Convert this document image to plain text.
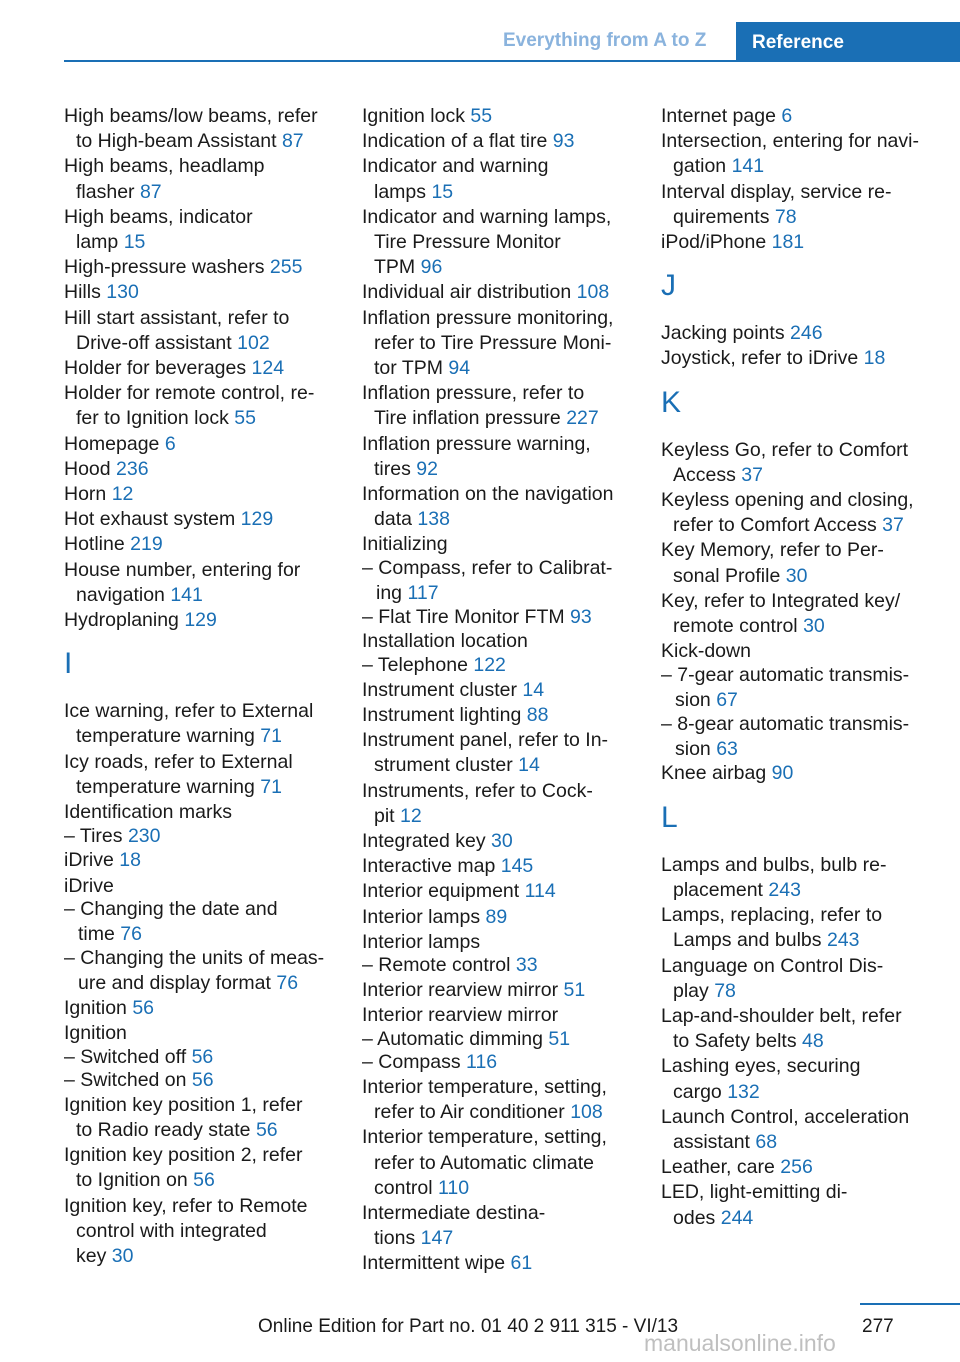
Everything from A to Z	Reference
High beams/low beams, refer
to High-beam Assistant 87
High beams, headlamp
flasher 87
High beams, indicator
lamp 15
High-pressure washers 255
Hills 130
Hill start assistant, refer to
Drive-off assistant 102
Holder for beverages 124
Holder for remote control, re-
fer to Ignition lock 55
Homepage 6
Hood 236
Horn 12
Hot exhaust system 129
Hotline 219
House number, entering for
navigation 141
Hydroplaning 129
I
Ice warning, refer to External
temperature warning 71
Icy roads, refer to External
temperature warning 71
Identification marks
– Tires 230
iDrive 18
iDrive
– Changing the date and
time 76
– Changing the units of meas-
ure and display format 76
Ignition 56
Ignition
– Switched off 56
– Switched on 56
Ignition key position 1, refer
to Radio ready state 56
Ignition key position 2, refer
to Ignition on 56
Ignition key, refer to Remote
control with integrated
key 30
Ignition lock 55
Indication of a flat tire 93
Indicator and warning
lamps 15
Indicator and warning lamps,
Tire Pressure Monitor
TPM 96
Individual air distribution 108
Inflation pressure monitoring,
refer to Tire Pressure Moni-
tor TPM 94
Inflation pressure, refer to
Tire inflation pressure 227
Inflation pressure warning,
tires 92
Information on the navigation
data 138
Initializing
– Compass, refer to Calibrat-
ing 117
– Flat Tire Monitor FTM 93
Installation location
– Telephone 122
Instrument cluster 14
Instrument lighting 88
Instrument panel, refer to In-
strument cluster 14
Instruments, refer to Cock-
pit 12
Integrated key 30
Interactive map 145
Interior equipment 114
Interior lamps 89
Interior lamps
– Remote control 33
Interior rearview mirror 51
Interior rearview mirror
– Automatic dimming 51
– Compass 116
Interior temperature, setting,
refer to Air conditioner 108
Interior temperature, setting,
refer to Automatic climate
control 110
Intermediate destina-
tions 147
Intermittent wipe 61
Internet page 6
Intersection, entering for navi-
gation 141
Interval display, service re-
quirements 78
iPod/iPhone 181
J
Jacking points 246
Joystick, refer to iDrive 18
K
Keyless Go, refer to Comfort
Access 37
Keyless opening and closing,
refer to Comfort Access 37
Key Memory, refer to Per-
sonal Profile 30
Key, refer to Integrated key/
remote control 30
Kick-down
– 7-gear automatic transmis-
sion 67
– 8-gear automatic transmis-
sion 63
Knee airbag 90
L
Lamps and bulbs, bulb re-
placement 243
Lamps, replacing, refer to
Lamps and bulbs 243
Language on Control Dis-
play 78
Lap-and-shoulder belt, refer
to Safety belts 48
Lashing eyes, securing
cargo 132
Launch Control, acceleration
assistant 68
Leather, care 256
LED, light-emitting di-
odes 244
277
Online Edition for Part no. 01 40 2 911 315 - VI/13
manualsonline.info
